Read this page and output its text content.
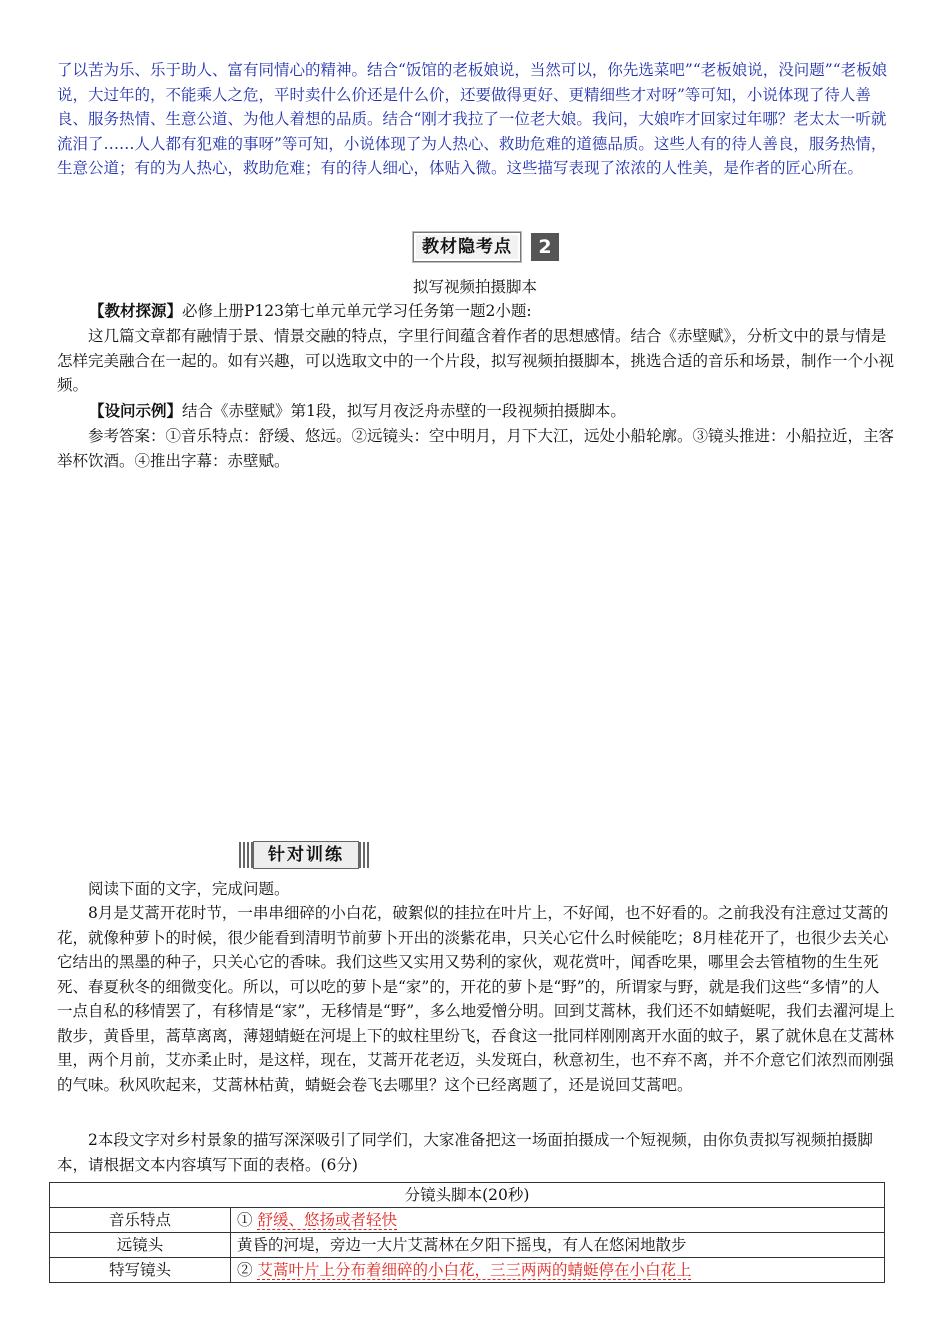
了以苦为乐、乐于助人、富有同情心的精神。结合“饭馆的老板娘说，当然可以，你先选菜吧”“老板娘说，没问题”“老板娘说，大过年的，不能乘人之危，平时卖什么价还是什么价，还要做得更好、更精细些才对呀”等可知，小说体现了待人善良、服务热情、生意公道、为他人着想的品质。结合“刚才我拉了一位老大娘。我问，大娘咋才回家过年哪？老太太一听就流泪了……人人都有犯难的事呀”等可知，小说体现了为人热心、救助危难的道德品质。这些人有的待人善良，服务热情，生意公道；有的为人热心，救助危难；有的待人细心，体贴入微。这些描写表现了浓浓的人性美，是作者的匠心所在。

教材隐考点	2
拟写视频拍摄脚本

【教材探源】必修上册P123第七单元单元学习任务第一题2小题:

这几篇文章都有融情于景、情景交融的特点，字里行间蕴含着作者的思想感情。结合《赤壁赋》，分析文中的景与情是怎样完美融合在一起的。如有兴趣，可以选取文中的一个片段，拟写视频拍摄脚本，挑选合适的音乐和场景，制作一个小视频。

【设问示例】结合《赤壁赋》第1段，拟写月夜泛舟赤壁的一段视频拍摄脚本。

参考答案：①音乐特点：舒缓、悠远。②远镜头：空中明月，月下大江，远处小船轮廓。③镜头推进：小船拉近，主客举杯饮酒。④推出字幕：赤壁赋。

针对训练

阅读下面的文字，完成问题。

8月是艾蒿开花时节，一串串细碎的小白花，破絮似的挂拉在叶片上，不好闻，也不好看的。之前我没有注意过艾蒿的花，就像种萝卜的时候，很少能看到清明节前萝卜开出的淡紫花串，只关心它什么时候能吃；8月桂花开了，也很少去关心它结出的黑墨的种子，只关心它的香味。我们这些又实用又势利的家伙，观花赏叶，闻香吃果，哪里会去管植物的生生死死、春夏秋冬的细微变化。所以，可以吃的萝卜是“家”的，开花的萝卜是“野”的，所谓家与野，就是我们这些“多情”的人一点自私的移情罢了，有移情是“家”，无移情是“野”，多么地爱憎分明。回到艾蒿林，我们还不如蜻蜓呢，我们去濯河堤上散步，黄昏里，蒿草离离，薄翅蜻蜓在河堤上下的蚊柱里纷飞，吞食这一批同样刚刚离开水面的蚊子，累了就休息在艾蒿林里，两个月前，艾亦柔止时，是这样，现在，艾蒿开花老迈，头发斑白，秋意初生，也不弃不离，并不介意它们浓烈而刚强的气味。秋风吹起来，艾蒿林枯黄，蜻蜓会卷飞去哪里？这个已经离题了，还是说回艾蒿吧。

2本段文字对乡村景象的描写深深吸引了同学们，大家准备把这一场面拍摄成一个短视频，由你负责拟写视频拍摄脚本，请根据文本内容填写下面的表格。(6分)

分镜头脚本(20秒)	
音乐特点	① 舒缓、悠扬或者轻快
远镜头	黄昏的河堤，旁边一大片艾蒿林在夕阳下摇曳，有人在悠闲地散步
特写镜头	② 艾蒿叶片上分布着细碎的小白花，三三两两的蜻蜓停在小白花上
